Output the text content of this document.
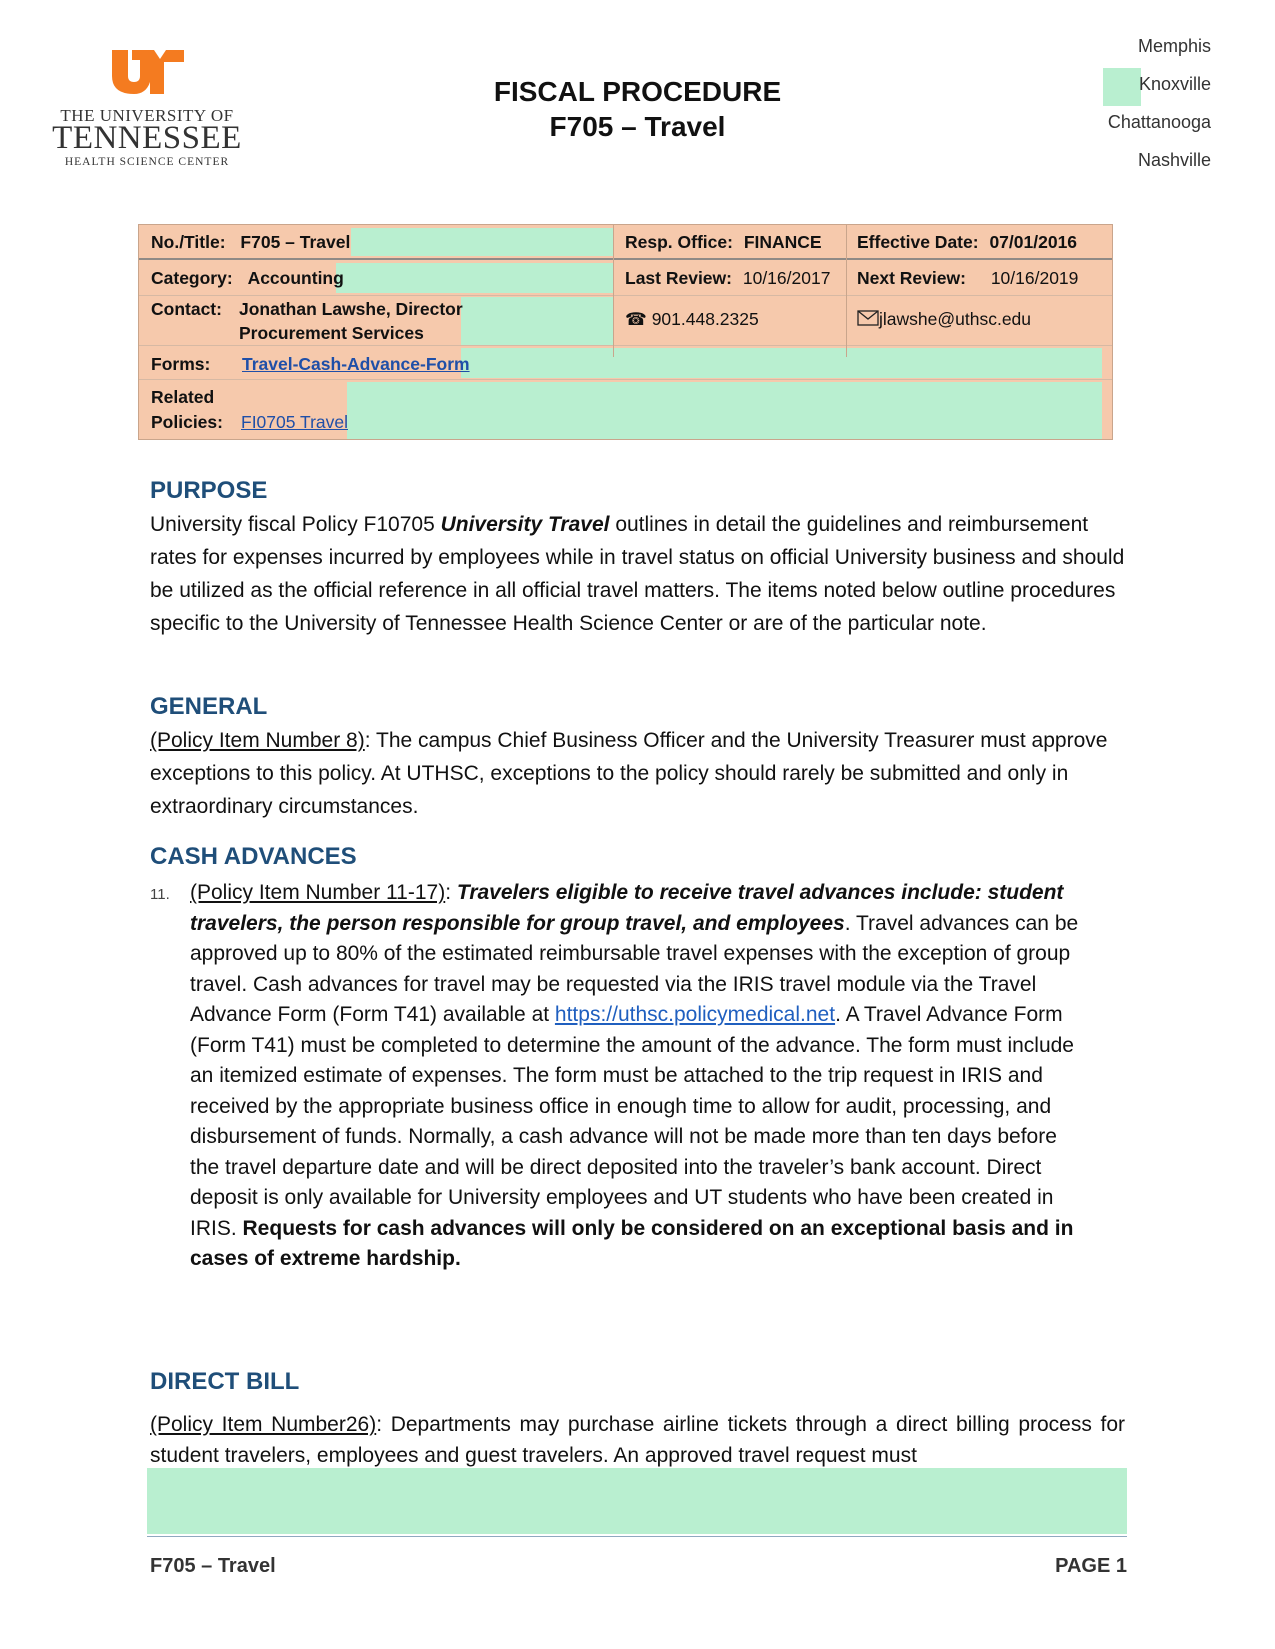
THE UNIVERSITY OF
TENNESSEE
HEALTH SCIENCE CENTER
FISCAL PROCEDURE
F705 – Travel
Memphis
Knoxville
Chattanooga
Nashville
No./Title: F705 – Travel	Resp. Office: FINANCE Effective Date: 07/01/2016
Category: Accounting	Last Review: 10/16/2017 Next Review: 10/16/2019
Contact: Jonathan Lawshe, Director
Procurement Services
☎ 901.448.2325	jlawshe@uthsc.edu
Forms: Travel-Cash-Advance-Form
Related
Policies: FI0705 Travel
PURPOSE
University fiscal Policy F10705 University Travel outlines in detail the guidelines and reimbursement rates for expenses incurred by employees while in travel status on official University business and should be utilized as the official reference in all official travel matters. The items noted below outline procedures specific to the University of Tennessee Health Science Center or are of the particular note.
GENERAL
(Policy Item Number 8): The campus Chief Business Officer and the University Treasurer must approve exceptions to this policy. At UTHSC, exceptions to the policy should rarely be submitted and only in extraordinary circumstances.
CASH ADVANCES
11. (Policy Item Number 11-17): Travelers eligible to receive travel advances include: student travelers, the person responsible for group travel, and employees. Travel advances can be approved up to 80% of the estimated reimbursable travel expenses with the exception of group travel. Cash advances for travel may be requested via the IRIS travel module via the Travel Advance Form (Form T41) available at https://uthsc.policymedical.net. A Travel Advance Form (Form T41) must be completed to determine the amount of the advance. The form must include an itemized estimate of expenses. The form must be attached to the trip request in IRIS and received by the appropriate business office in enough time to allow for audit, processing, and disbursement of funds. Normally, a cash advance will not be made more than ten days before the travel departure date and will be direct deposited into the traveler’s bank account. Direct deposit is only available for University employees and UT students who have been created in IRIS. Requests for cash advances will only be considered on an exceptional basis and in cases of extreme hardship.
DIRECT BILL
(Policy Item Number26): Departments may purchase airline tickets through a direct billing process for student travelers, employees and guest travelers. An approved travel request must
F705 – Travel	PAGE 1
